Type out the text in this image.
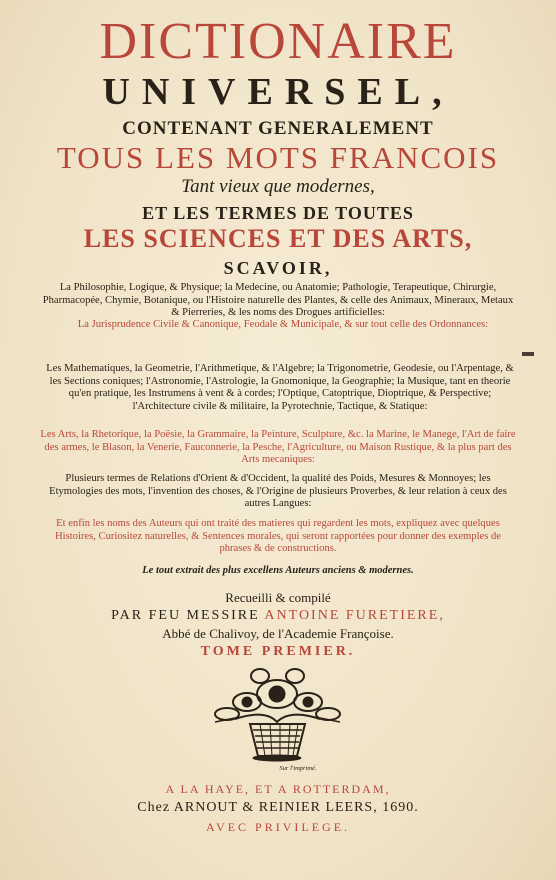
DICTIONAIRE
UNIVERSEL,
CONTENANT GENERALEMENT
TOUS LES MOTS FRANCOIS
Tant vieux que modernes,
ET LES TERMES DE TOUTES
LES SCIENCES ET DES ARTS,
SCAVOIR,
La Philosophie, Logique, & Physique; la Medecine, ou Anatomie; Pathologie, Terapeutique, Chirurgie, Pharmacopée, Chymie, Botanique, ou l'Histoire naturelle des Plantes, & celle des Animaux, Mineraux, Metaux & Pierreries, & les noms des Drogues artificielles:
La Jurisprudence Civile & Canonique, Feodale & Municipale, & sur tout celle des Ordonnances:
Les Mathematiques, la Geometrie, l'Arithmetique, & l'Algebre; la Trigonometrie, Geodesie, ou l'Arpentage, & les Sections coniques; l'Astronomie, l'Astrologie, la Gnomonique, la Geographie; la Musique, tant en theorie qu'en pratique, les Instrumens à vent & à cordes; l'Optique, Catoptrique, Dioptrique, & Perspective; l'Architecture civile & militaire, la Pyrotechnie, Tactique, & Statique:
Les Arts, la Rhetorique, la Poësie, la Grammaire, la Peinture, Sculpture, &c. la Marine, le Manege, l'Art de faire des armes, le Blason, la Venerie, Fauconnerie, la Pesche, l'Agriculture, ou Maison Rustique, & la plus part des Arts mecaniques:
Plusieurs termes de Relations d'Orient & d'Occident, la qualité des Poids, Mesures & Monnoyes; les Etymologies des mots, l'invention des choses, & l'Origine de plusieurs Proverbes, & leur relation à ceux des autres Langues:
Et enfin les noms des Auteurs qui ont traité des matieres qui regardent les mots, expliquez avec quelques Histoires, Curiositez naturelles, & Sentences morales, qui seront rapportées pour donner des exemples de phrases & de constructions.
Le tout extrait des plus excellens Auteurs anciens & modernes.
Recueilli & compilé
PAR FEU MESSIRE ANTOINE FURETIERE,
Abbé de Chalivoy, de l'Academie Françoise.
TOME PREMIER.
Sur l'imprimé.
A LA HAYE, ET A ROTTERDAM,
Chez ARNOUT & REINIER LEERS, 1690.
AVEC PRIVILEGE.
